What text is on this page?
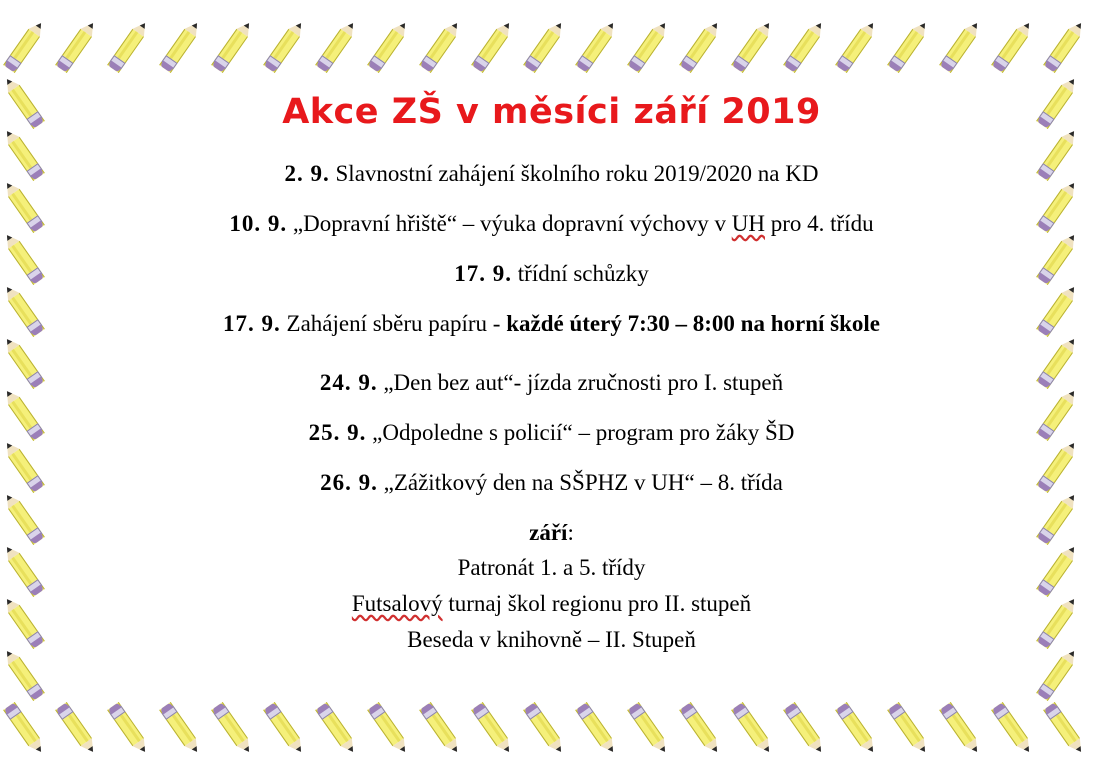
Akce ZŠ v měsíci září 2019
2. 9. Slavnostní zahájení školního roku 2019/2020 na KD
10. 9. „Dopravní hřiště“ – výuka dopravní výchovy v UH pro 4. třídu
17. 9. třídní schůzky
17. 9. Zahájení sběru papíru - každé úterý 7:30 – 8:00 na horní škole
24. 9. „Den bez aut“- jízda zručnosti pro I. stupeň
25. 9. „Odpoledne s policií“ – program pro žáky ŠD
26. 9. „Zážitkový den na SŠPHZ v UH“ – 8. třída

září:

Patronát 1. a 5. třídy

Futsalový turnaj škol regionu pro II. stupeň

Beseda v knihovně – II. Stupeň
